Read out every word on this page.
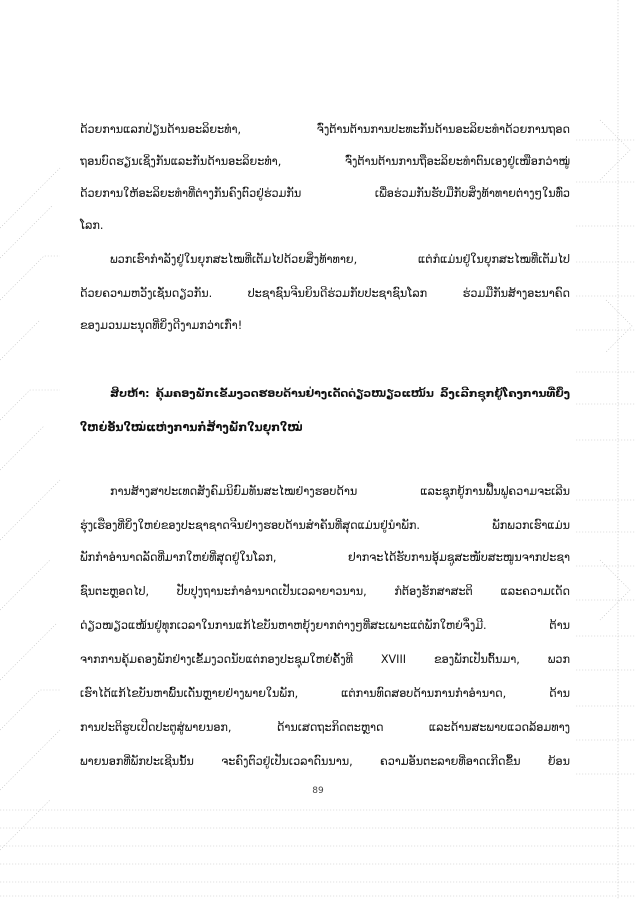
ດ້ວຍການແລກປ່ຽນດ້ານອະລິຍະທຳ, ຈົ່ງຕ້ານຕ້ານການປະທະກັນດ້ານອະລິຍະທຳດ້ວຍການຖອດ
ຖອນບົດຮຽນເຊິ່ງກັນແລະກັນດ້ານອະລິຍະທຳ, ຈົ່ງຕ້ານຕ້ານການຖືອະລິຍະທຳຕົນເອງຢູ່ເໜືອກວ່າໝູ່
ດ້ວຍການໃຫ້ອະລິຍະທຳທີ່ຕ່າງກັນຄົງຕົວຢູ່ຮ່ວມກັນ ເພື່ອຮ່ວມກັນຮັບມືກັບສິ່ງທ້າທາຍຕ່າງໆໃນທົ່ວ
ໂລກ.
ພວກເຮົາກຳລັງຢູ່ໃນຍຸກສະໄໝທີ່ເຕັມໄປດ້ວຍສິ່ງທ້າທາຍ, ແຕ່ກໍແມ່ນຢູ່ໃນຍຸກສະໄໝທີ່ເຕັມໄປ
ດ້ວຍຄວາມຫວັງເຊັ່ນດຽວກັນ. ປະຊາຊົນຈີນຍິນດີຮ່ວມກັບປະຊາຊົນໂລກ ຮ່ວມມືກັນສ້າງອະນາຄົດ
ຂອງມວນມະນຸດທີ່ຍິ່ງດີງາມກວ່າເກົ່າ!
ສິບຫ້າ: ຄຸ້ມຄອງພັກເຂັ້ມງວດຮອບດ້ານຢ່າງເດັດດ່ຽວໜຽວແໜ້ນ ລິ້ງເລີກຊຸກຍູ້ໂຄງການທີ່ຍິ່ງ
ໃຫຍ່ອັນໃໝ່ແຫ່ງການກໍ່ສ້າງພັກໃນຍຸກໃໝ່
ການສ້າງສາປະເທດສັງຄົມນິຍົມທັນສະໄໝຢ່າງຮອບດ້ານ ແລະຊຸກຍູ້ການຟື້ນຟູຄວາມຈະເລີນ
ຮຸ່ງເຮືອງທີ່ຍິ່ງໃຫຍ່ຂອງປະຊາຊາດຈີນຢ່າງຮອບດ້ານສຳຄັນທີ່ສຸດແມ່ນຢູ່ນຳພັກ. ພັກພວກເຮົາແມ່ນ
ພັກກຳອຳນາດລັດທີ່ມາກໃຫຍ່ທີ່ສຸດຢູ່ໃນໂລກ, ຢາກຈະໄດ້ຮັບການອຸ້ມຊູສະໜັບສະໜູນຈາກປະຊາ
ຊົນຕະຫຼອດໄປ, ປັບປຸງຖານະກຳອຳນາດເປັນເວລາຍາວນານ, ກໍຕ້ອງຮັກສາສະຕິ ແລະຄວາມເດັດ
ດ່ຽວໜຽວແໜ້ນຢູ່ທຸກເວລາໃນການແກ້ໄຂບັນຫາຫຍຸ້ງຍາກຕ່າງໆທີ່ສະເພາະແຕ່ພັກໃຫຍ່ຈຶ່ງມີ. ຕ້ານ
ຈາກການຄຸ້ມຄອງພັກຢ່າງເຂັ້ມງວດນັບແຕ່ກອງປະຊຸມໃຫຍ່ຄັ້ງທີ XVIII ຂອງພັກເປັນຕົ້ນມາ, ພວກ
ເຮົາໄດ້ແກ້ໄຂບັນຫາພົ້ນເດັ່ນຫຼາຍຢ່າງພາຍໃນພັກ, ແຕ່ການທົດສອບດ້ານການກຳອຳນາດ, ດ້ານ
ການປະຕິຮູບເປີດປະຕູສູ່ພາຍນອກ, ດ້ານເສດຖະກິດຕະຫຼາດ ແລະດ້ານສະພາບແວດລ້ອມທາງ
ພາຍນອກທີ່ພັກປະເຊີນນັ້ນ ຈະຄົງຕົວຢູ່ເປັນເວລາດົນນານ, ຄວາມອັນຕະລາຍທີ່ອາດເກີດຂຶ້ນ ຍ້ອນ
89
